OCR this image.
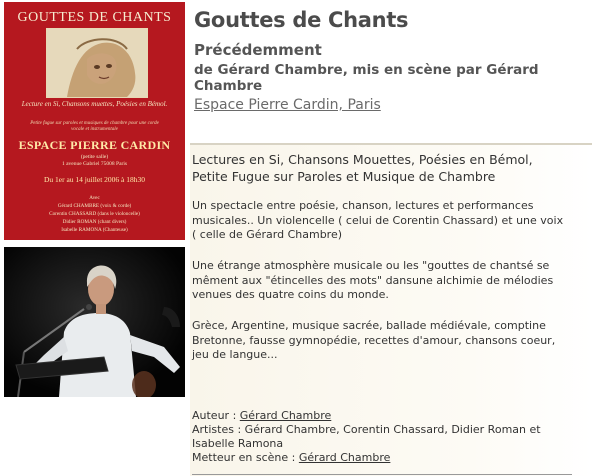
GOUTTES DE CHANTS
Lecture en Si, Chansons muettes, Poésies en Bémol.
Petite fugue sur paroles et musiques de chambre pour une corde vocale et instrumentale
ESPACE PIERRE CARDIN
(petite salle)
1 avenue Gabriel 75008 Paris
Du 1er au 14 juillet 2006 à 18h30
Avec
Gérard CHAMBRE (voix & corde)
Corentin CHASSARD (dans le violoncelle)
Didier ROMAN (chant divers)
Isabelle RAMONA (Chanteuse)
Gouttes de Chants
Précédemment
de Gérard Chambre, mis en scène par Gérard Chambre
Espace Pierre Cardin, Paris
Lectures en Si, Chansons Mouettes, Poésies en Bémol, Petite Fugue sur Paroles et Musique de Chambre

Un spectacle entre poésie, chanson, lectures et performances musicales.. Un violencelle ( celui de Corentin Chassard) et une voix ( celle de Gérard Chambre)

Une étrange atmosphère musicale ou les "gouttes de chantsé se mêment aux "étincelles des mots" dansune alchimie de mélodies venues des quatre coins du monde.

Grèce, Argentine, musique sacrée, ballade médiévale, comptine Bretonne, fausse gymnopédie, recettes d'amour, chansons coeur, jeu de langue...

Auteur : Gérard Chambre
Artistes : Gérard Chambre, Corentin Chassard, Didier Roman et Isabelle Ramona
Metteur en scène : Gérard Chambre
